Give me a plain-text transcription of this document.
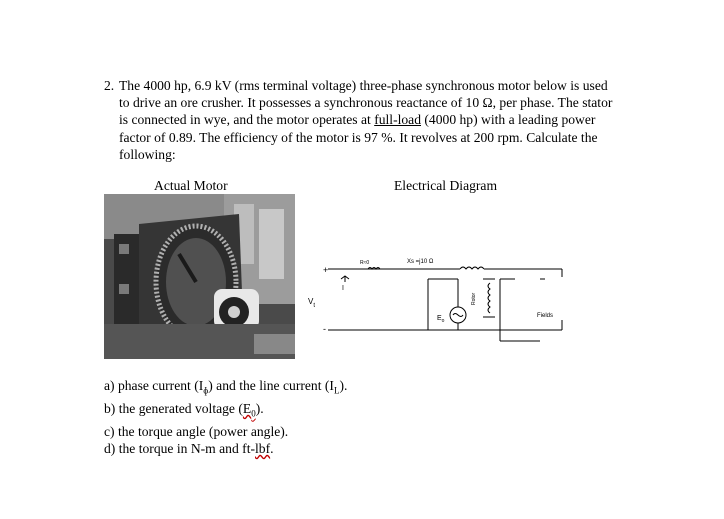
2. The 4000 hp, 6.9 kV (rms terminal voltage) three-phase synchronous motor below is used to drive an ore crusher. It possesses a synchronous reactance of 10 Ω, per phase. The stator is connected in wye, and the motor operates at full-load (4000 hp) with a leading power factor of 0.89. The efficiency of the motor is 97 %. It revolves at 200 rpm. Calculate the following:
Actual Motor	Electrical Diagram
+
-
$V_t$
I
R≈0	Xs =j10 Ω
$E_o$
Rotor
Fields
a) phase current $(I_ɸ)$ and the line current $(I_L)$.
b) the generated voltage $(E_0)$.
c) the torque angle (power angle).
d) the torque in N-m and ft-lbf.
